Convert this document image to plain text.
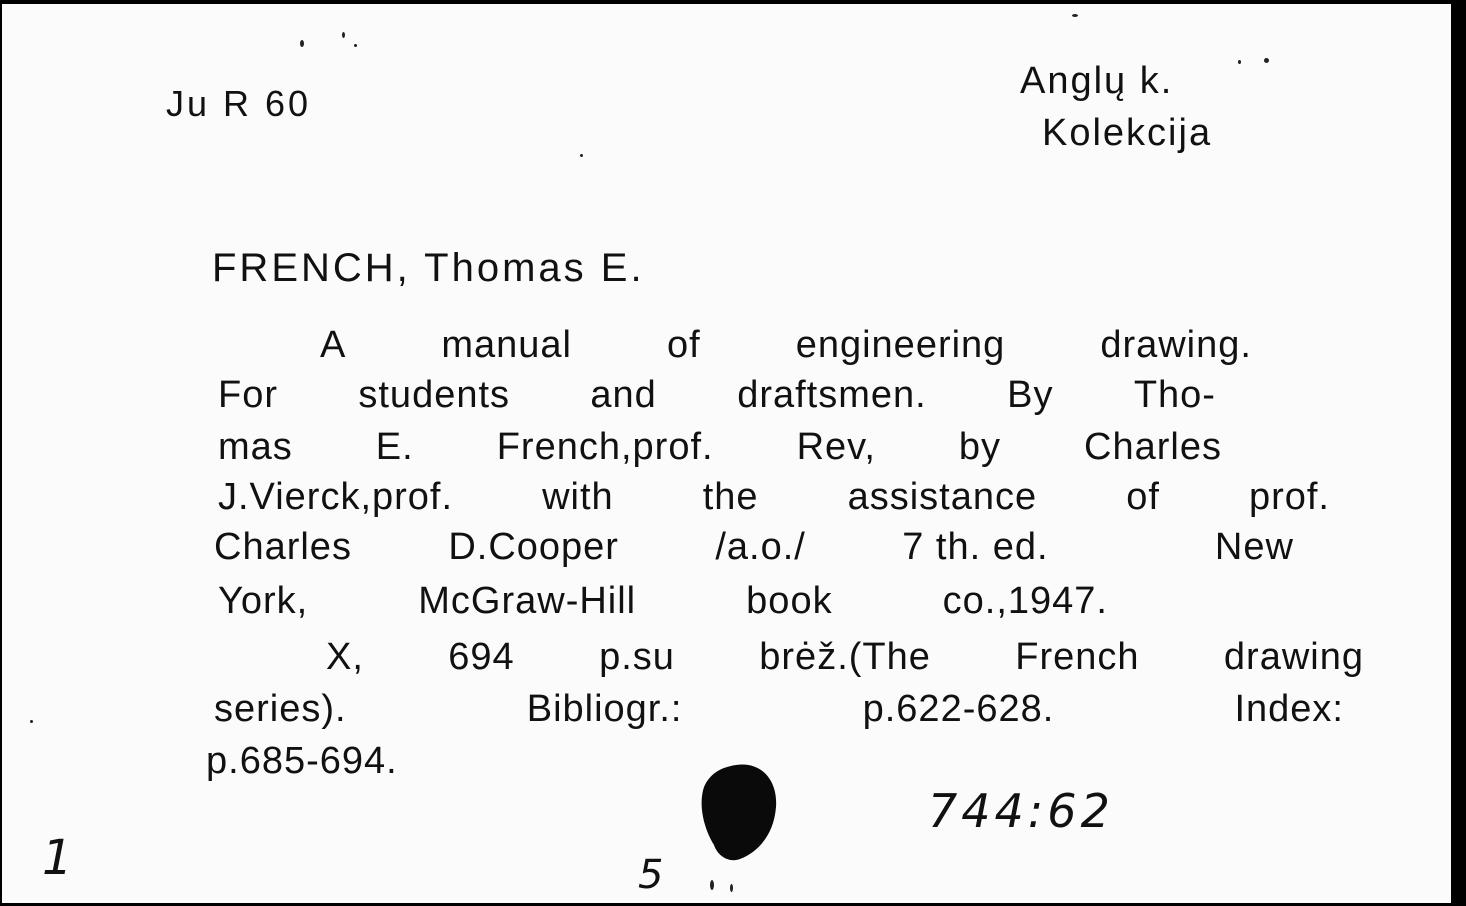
Ju R 60
Anglų k.
Kolekcija
FRENCH, Thomas E.
A	manual	of	engineering	drawing.
For students and draftsmen. By Tho-
mas E. French,prof. Rev, by Charles
J.Vierck,prof. with the assistance of prof.
Charles	D.Cooper	/a.o./	7 th. ed.	New
York,	McGraw-Hill	book	co.,1947.
X, 694 p.su brėž.(The French drawing
series).	Bibliogr.:	p.622-628.	Index:
p.685-694.
1
744:62
5
